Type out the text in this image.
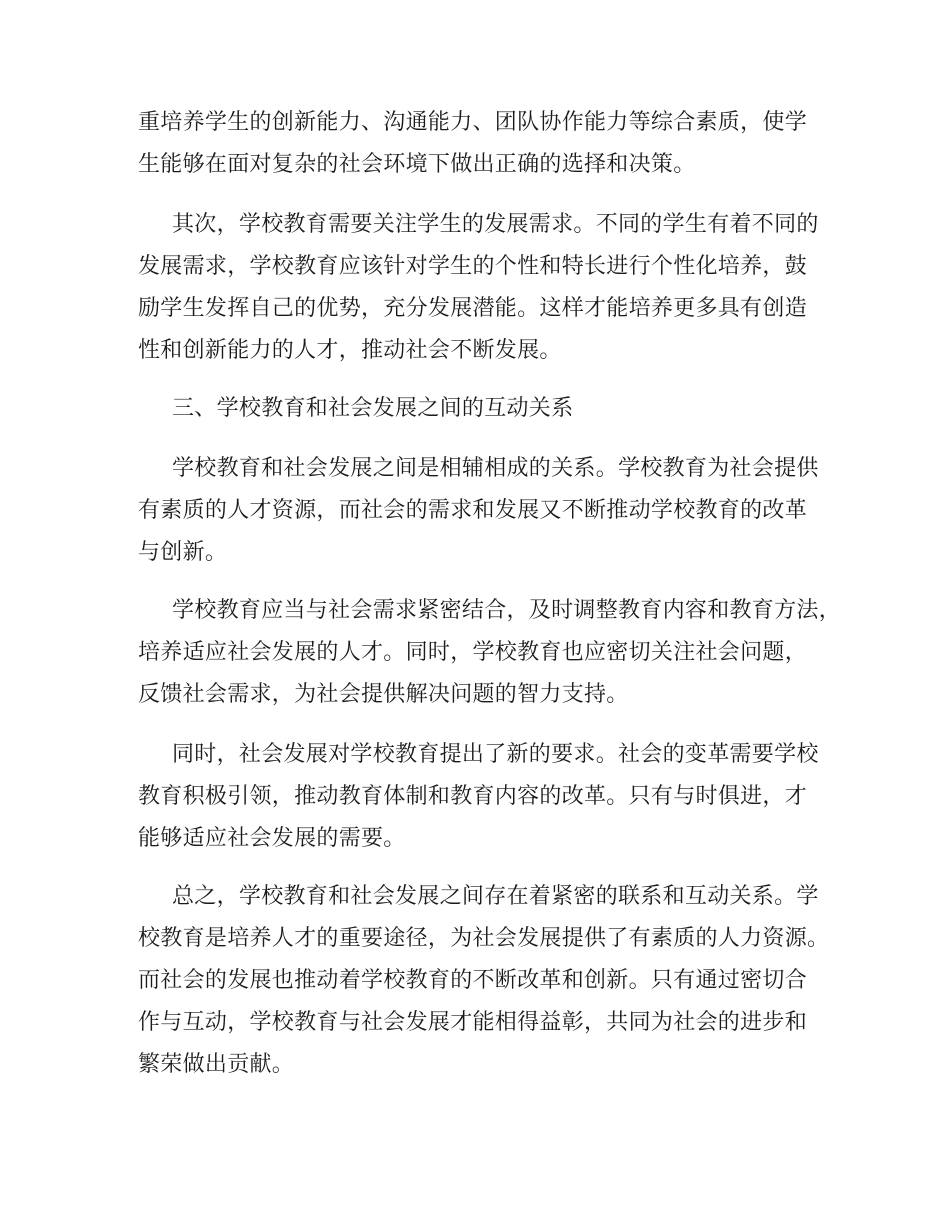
重培养学生的创新能力、沟通能力、团队协作能力等综合素质，使学
生能够在面对复杂的社会环境下做出正确的选择和决策。
其次，学校教育需要关注学生的发展需求。不同的学生有着不同的
发展需求，学校教育应该针对学生的个性和特长进行个性化培养，鼓
励学生发挥自己的优势，充分发展潜能。这样才能培养更多具有创造
性和创新能力的人才，推动社会不断发展。
三、学校教育和社会发展之间的互动关系
学校教育和社会发展之间是相辅相成的关系。学校教育为社会提供
有素质的人才资源，而社会的需求和发展又不断推动学校教育的改革
与创新。
学校教育应当与社会需求紧密结合，及时调整教育内容和教育方法，
培养适应社会发展的人才。同时，学校教育也应密切关注社会问题，
反馈社会需求，为社会提供解决问题的智力支持。
同时，社会发展对学校教育提出了新的要求。社会的变革需要学校
教育积极引领，推动教育体制和教育内容的改革。只有与时俱进，才
能够适应社会发展的需要。
总之，学校教育和社会发展之间存在着紧密的联系和互动关系。学
校教育是培养人才的重要途径，为社会发展提供了有素质的人力资源。
而社会的发展也推动着学校教育的不断改革和创新。只有通过密切合
作与互动，学校教育与社会发展才能相得益彰，共同为社会的进步和
繁荣做出贡献。
